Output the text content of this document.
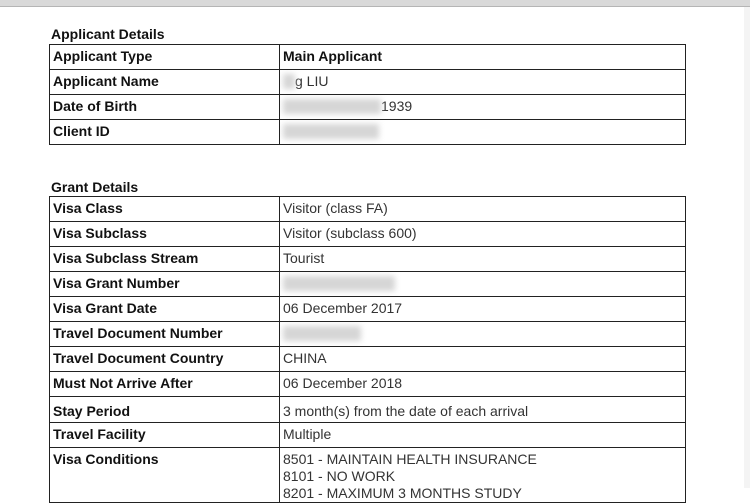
Applicant Details
Applicant Type	Main Applicant
Applicant Name	g LIU
Date of Birth	1939
Client ID	
Grant Details
Visa Class	Visitor (class FA)
Visa Subclass	Visitor (subclass 600)
Visa Subclass Stream	Tourist
Visa Grant Number	
Visa Grant Date	06 December 2017
Travel Document Number	
Travel Document Country	CHINA
Must Not Arrive After	06 December 2018
Stay Period	3 month(s) from the date of each arrival
Travel Facility	Multiple
Visa Conditions	8501 - MAINTAIN HEALTH INSURANCE
8101 - NO WORK
8201 - MAXIMUM 3 MONTHS STUDY
